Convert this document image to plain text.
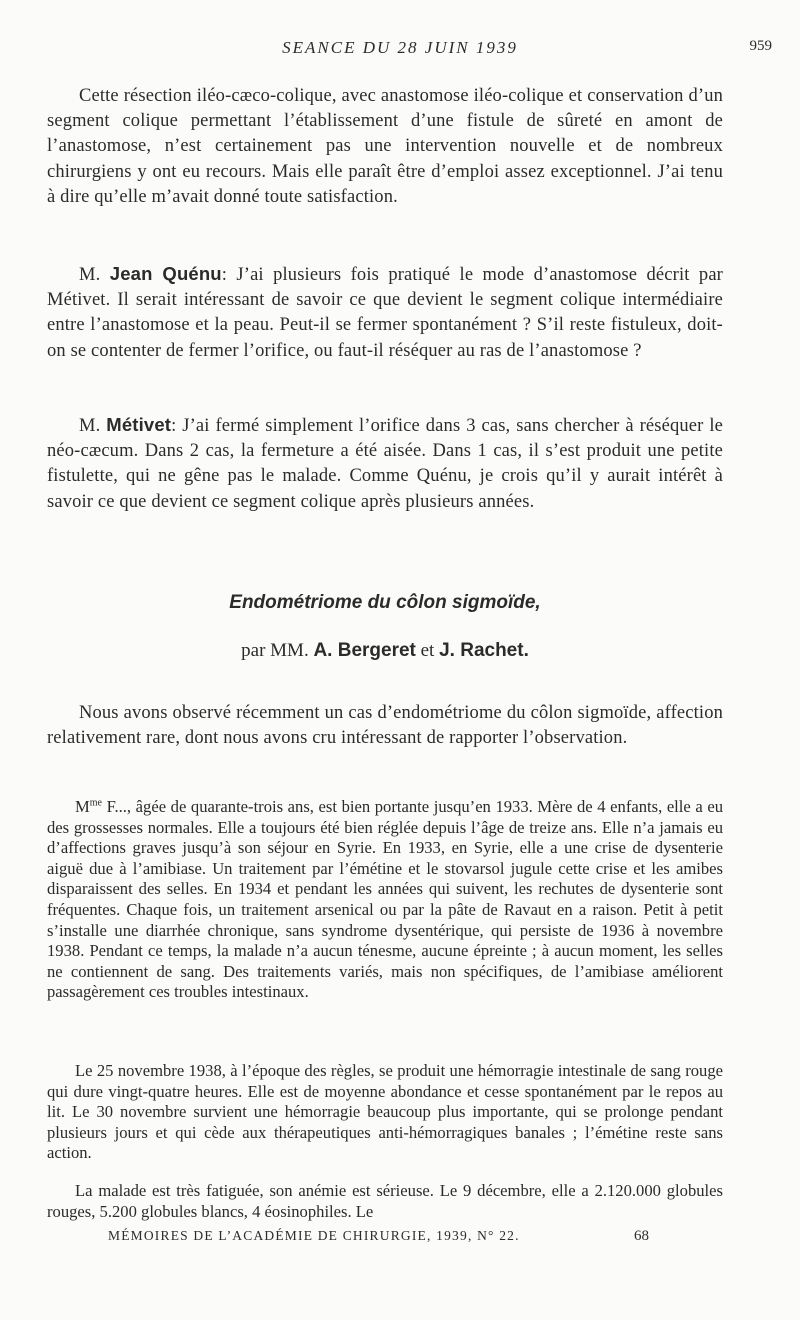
SEANCE DU 28 JUIN 1939	959

Cette résection iléo-cæco-colique, avec anastomose iléo-colique et conservation d’un segment colique permettant l’établissement d’une fistule de sûreté en amont de l’anastomose, n’est certainement pas une intervention nouvelle et de nombreux chirurgiens y ont eu recours. Mais elle paraît être d’emploi assez exceptionnel. J’ai tenu à dire qu’elle m’avait donné toute satisfaction.

M. Jean Quénu: J’ai plusieurs fois pratiqué le mode d’anastomose décrit par Métivet. Il serait intéressant de savoir ce que devient le segment colique intermédiaire entre l’anastomose et la peau. Peut-il se fermer spontanément ? S’il reste fistuleux, doit-on se contenter de fermer l’orifice, ou faut-il réséquer au ras de l’anastomose ?

M. Métivet: J’ai fermé simplement l’orifice dans 3 cas, sans chercher à réséquer le néo-cæcum. Dans 2 cas, la fermeture a été aisée. Dans 1 cas, il s’est produit une petite fistulette, qui ne gêne pas le malade. Comme Quénu, je crois qu’il y aurait intérêt à savoir ce que devient ce segment colique après plusieurs années.

Endométriome du côlon sigmoïde,
par MM. A. Bergeret et J. Rachet.

Nous avons observé récemment un cas d’endométriome du côlon sigmoïde, affection relativement rare, dont nous avons cru intéressant de rapporter l’observation.

$M^{me}$ F..., âgée de quarante-trois ans, est bien portante jusqu’en 1933. Mère de 4 enfants, elle a eu des grossesses normales. Elle a toujours été bien réglée depuis l’âge de treize ans. Elle n’a jamais eu d’affections graves jusqu’à son séjour en Syrie. En 1933, en Syrie, elle a une crise de dysenterie aiguë due à l’amibiase. Un traitement par l’émétine et le stovarsol jugule cette crise et les amibes disparaissent des selles. En 1934 et pendant les années qui suivent, les rechutes de dysenterie sont fréquentes. Chaque fois, un traitement arsenical ou par la pâte de Ravaut en a raison. Petit à petit s’installe une diarrhée chronique, sans syndrome dysentérique, qui persiste de 1936 à novembre 1938. Pendant ce temps, la malade n’a aucun ténesme, aucune épreinte ; à aucun moment, les selles ne contiennent de sang. Des traitements variés, mais non spécifiques, de l’amibiase améliorent passagèrement ces troubles intestinaux.

Le 25 novembre 1938, à l’époque des règles, se produit une hémorragie intestinale de sang rouge qui dure vingt-quatre heures. Elle est de moyenne abondance et cesse spontanément par le repos au lit. Le 30 novembre survient une hémorragie beaucoup plus importante, qui se prolonge pendant plusieurs jours et qui cède aux thérapeutiques anti-hémorragiques banales ; l’émétine reste sans action.

La malade est très fatiguée, son anémie est sérieuse. Le 9 décembre, elle a 2.120.000 globules rouges, 5.200 globules blancs, 4 éosinophiles. Le

MÉMOIRES DE L’ACADÉMIE DE CHIRURGIE, 1939, N° 22.	68
